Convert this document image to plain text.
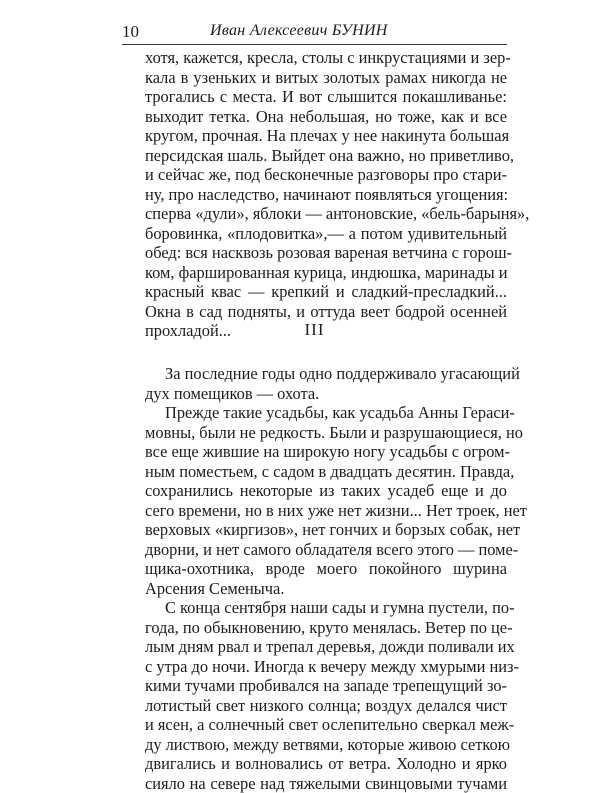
10	Иван Алексеевич БУНИН
хотя, кажется, кресла, столы с инкрустациями и зер-
кала в узеньких и витых золотых рамах никогда не
трогались с места. И вот слышится покашливанье:
выходит тетка. Она небольшая, но тоже, как и все
кругом, прочная. На плечах у нее накинута большая
персидская шаль. Выйдет она важно, но приветливо,
и сейчас же, под бесконечные разговоры про стари-
ну, про наследство, начинают появляться угощения:
сперва «дули», яблоки — антоновские, «бель-барыня»,
боровинка, «плодовитка»,— а потом удивительный
обед: вся насквозь розовая вареная ветчина с горош-
ком, фаршированная курица, индюшка, маринады и
красный квас — крепкий и сладкий-пресладкий...
Окна в сад подняты, и оттуда веет бодрой осенней
прохладой...	III
За последние годы одно поддерживало угасающий
дух помещиков — охота.
Прежде такие усадьбы, как усадьба Анны Гераси-
мовны, были не редкость. Были и разрушающиеся, но
все еще жившие на широкую ногу усадьбы с огром-
ным поместьем, с садом в двадцать десятин. Правда,
сохранились некоторые из таких усадеб еще и до
сего времени, но в них уже нет жизни... Нет троек, нет
верховых «киргизов», нет гончих и борзых собак, нет
дворни, и нет самого обладателя всего этого — поме-
щика-охотника, вроде моего покойного шурина
Арсения Семеныча.
С конца сентября наши сады и гумна пустели, по-
года, по обыкновению, круто менялась. Ветер по це-
лым дням рвал и трепал деревья, дожди поливали их
с утра до ночи. Иногда к вечеру между хмурыми низ-
кими тучами пробивался на западе трепещущий зо-
лотистый свет низкого солнца; воздух делался чист
и ясен, а солнечный свет ослепительно сверкал меж-
ду листвою, между ветвями, которые живою сеткою
двигались и волновались от ветра. Холодно и ярко
сияло на севере над тяжелыми свинцовыми тучами
